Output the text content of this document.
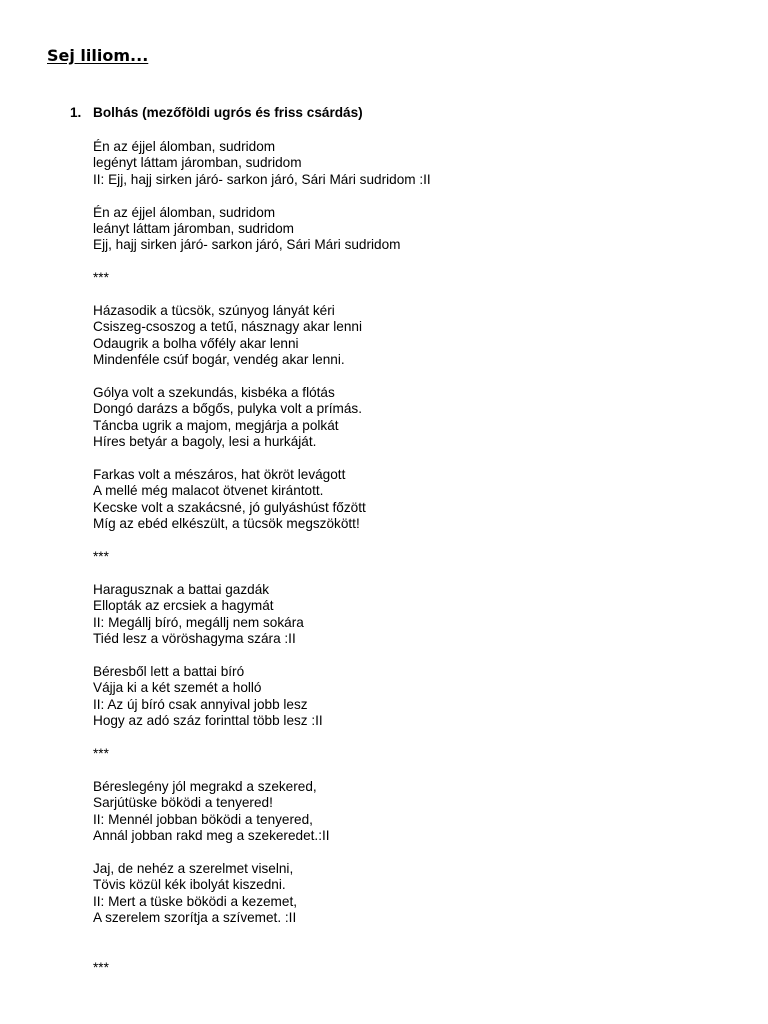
Sej liliom...

1. Bolhás (mezőföldi ugrós és friss csárdás)

Én az éjjel álomban, sudridom
legényt láttam járomban, sudridom
II: Ejj, hajj sirken járó- sarkon járó, Sári Mári sudridom :II
Én az éjjel álomban, sudridom
leányt láttam járomban, sudridom
Ejj, hajj sirken járó- sarkon járó, Sári Mári sudridom
***
Házasodik a tücsök, szúnyog lányát kéri
Csiszeg-csoszog a tetű, násznagy akar lenni
Odaugrik a bolha vőfély akar lenni
Mindenféle csúf bogár, vendég akar lenni.
Gólya volt a szekundás, kisbéka a flótás
Dongó darázs a bőgős, pulyka volt a prímás.
Táncba ugrik a majom, megjárja a polkát
Híres betyár a bagoly, lesi a hurkáját.
Farkas volt a mészáros, hat ökröt levágott
A mellé még malacot ötvenet kirántott.
Kecske volt a szakácsné, jó gulyáshúst főzött
Míg az ebéd elkészült, a tücsök megszökött!
***
Haragusznak a battai gazdák
Ellopták az ercsiek a hagymát
II: Megállj bíró, megállj nem sokára
Tiéd lesz a vöröshagyma szára :II
Béresből lett a battai bíró
Vájja ki a két szemét a holló
II: Az új bíró csak annyival jobb lesz
Hogy az adó száz forinttal több lesz :II
***
Béreslegény jól megrakd a szekered,
Sarjútüske böködi a tenyered!
II: Mennél jobban böködi a tenyered,
Annál jobban rakd meg a szekeredet.:II
Jaj, de nehéz a szerelmet viselni,
Tövis közül kék ibolyát kiszedni.
II: Mert a tüske böködi a kezemet,
A szerelem szorítja a szívemet. :II
***
